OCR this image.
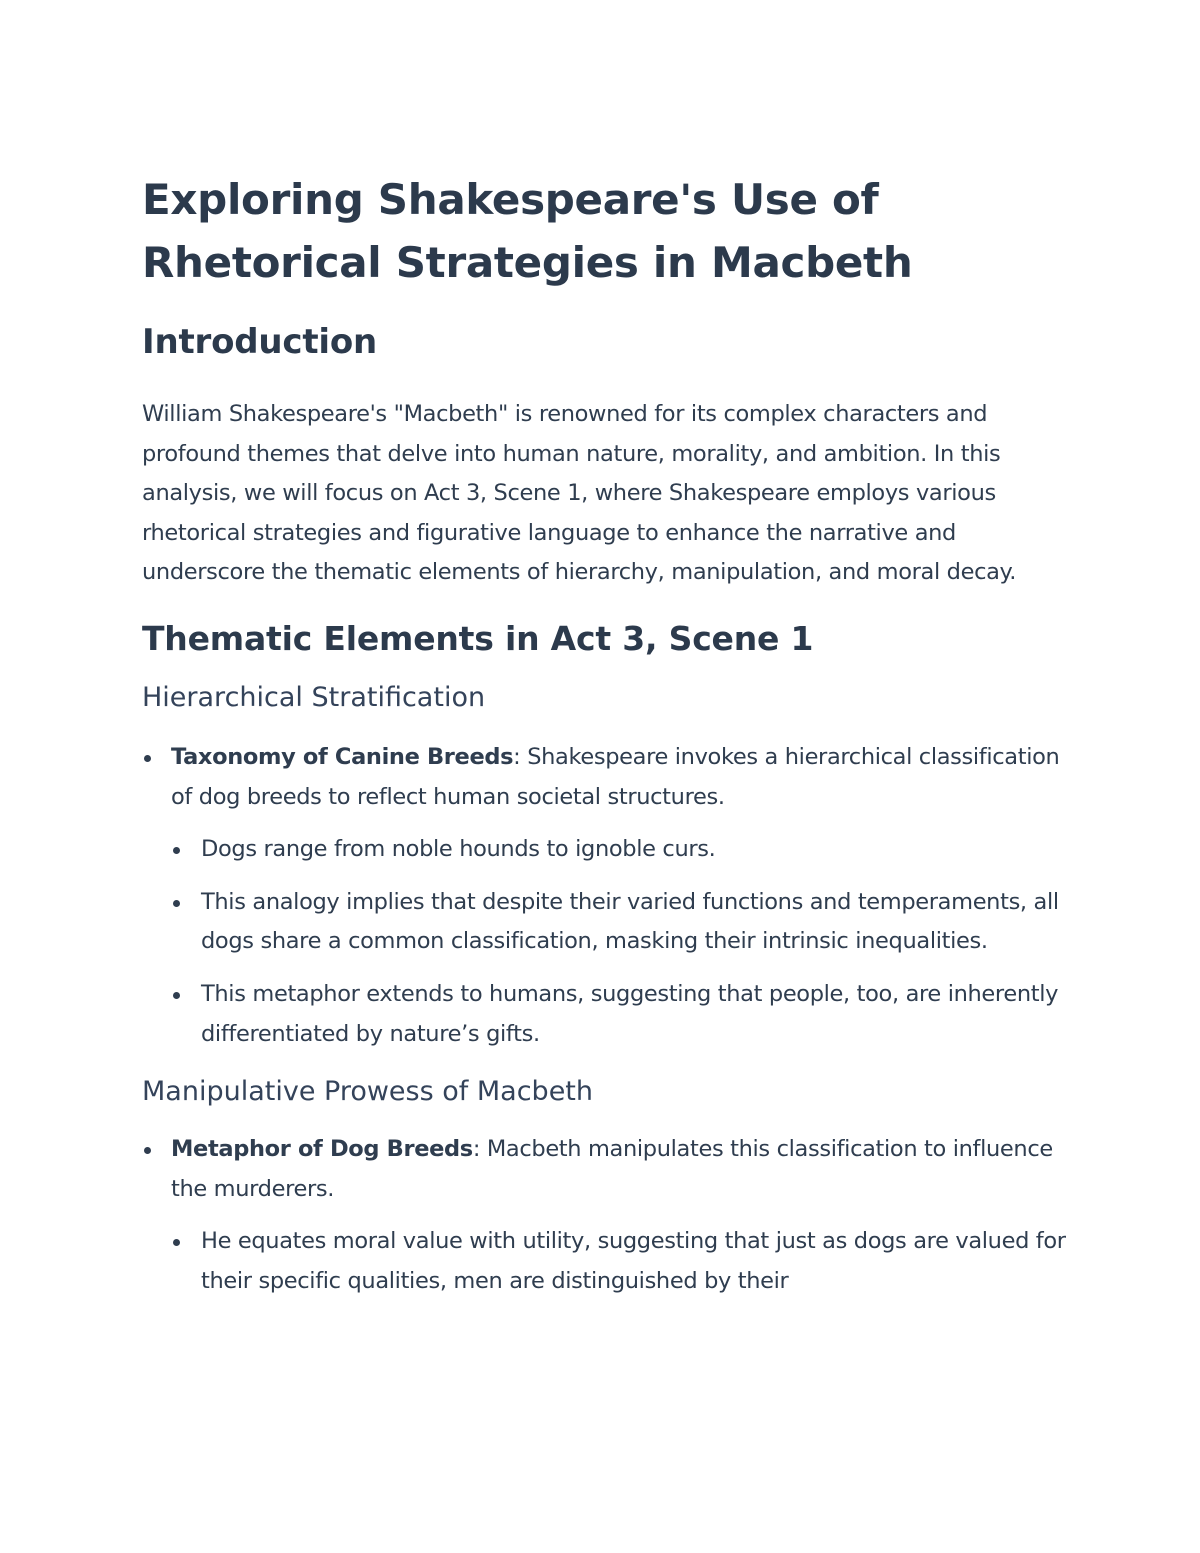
Exploring Shakespeare's Use of Rhetorical Strategies in Macbeth
Introduction

William Shakespeare's "Macbeth" is renowned for its complex characters and profound themes that delve into human nature, morality, and ambition. In this analysis, we will focus on Act 3, Scene 1, where Shakespeare employs various rhetorical strategies and figurative language to enhance the narrative and underscore the thematic elements of hierarchy, manipulation, and moral decay.

Thematic Elements in Act 3, Scene 1
Hierarchical Stratification
Taxonomy of Canine Breeds: Shakespeare invokes a hierarchical classification of dog breeds to reflect human societal structures.
Dogs range from noble hounds to ignoble curs.
This analogy implies that despite their varied functions and temperaments, all dogs share a common classification, masking their intrinsic inequalities.
This metaphor extends to humans, suggesting that people, too, are inherently differentiated by nature’s gifts.
Manipulative Prowess of Macbeth
Metaphor of Dog Breeds: Macbeth manipulates this classification to influence the murderers.
He equates moral value with utility, suggesting that just as dogs are valued for their specific qualities, men are distinguished by their
